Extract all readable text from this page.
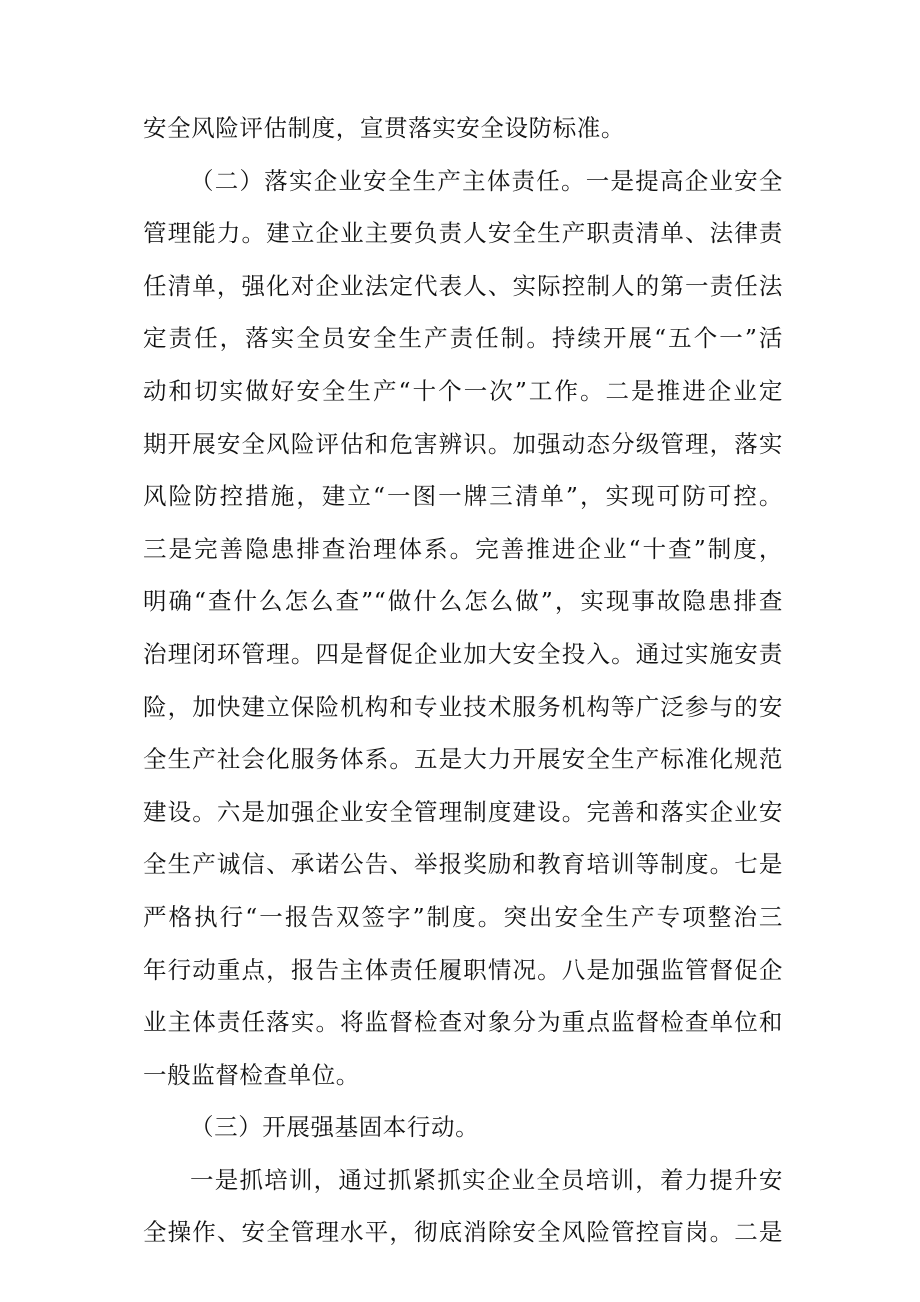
安全风险评估制度，宣贯落实安全设防标准。
（二）落实企业安全生产主体责任。一是提高企业安全
管理能力。建立企业主要负责人安全生产职责清单、法律责
任清单，强化对企业法定代表人、实际控制人的第一责任法
定责任，落实全员安全生产责任制。持续开展“五个一”活
动和切实做好安全生产“十个一次”工作。二是推进企业定
期开展安全风险评估和危害辨识。加强动态分级管理，落实
风险防控措施，建立“一图一牌三清单”，实现可防可控。
三是完善隐患排查治理体系。完善推进企业“十查”制度，
明确“查什么怎么查”“做什么怎么做”，实现事故隐患排查
治理闭环管理。四是督促企业加大安全投入。通过实施安责
险，加快建立保险机构和专业技术服务机构等广泛参与的安
全生产社会化服务体系。五是大力开展安全生产标准化规范
建设。六是加强企业安全管理制度建设。完善和落实企业安
全生产诚信、承诺公告、举报奖励和教育培训等制度。七是
严格执行“一报告双签字”制度。突出安全生产专项整治三
年行动重点，报告主体责任履职情况。八是加强监管督促企
业主体责任落实。将监督检查对象分为重点监督检查单位和
一般监督检查单位。
（三）开展强基固本行动。
一是抓培训，通过抓紧抓实企业全员培训，着力提升安
全操作、安全管理水平，彻底消除安全风险管控盲岗。二是
